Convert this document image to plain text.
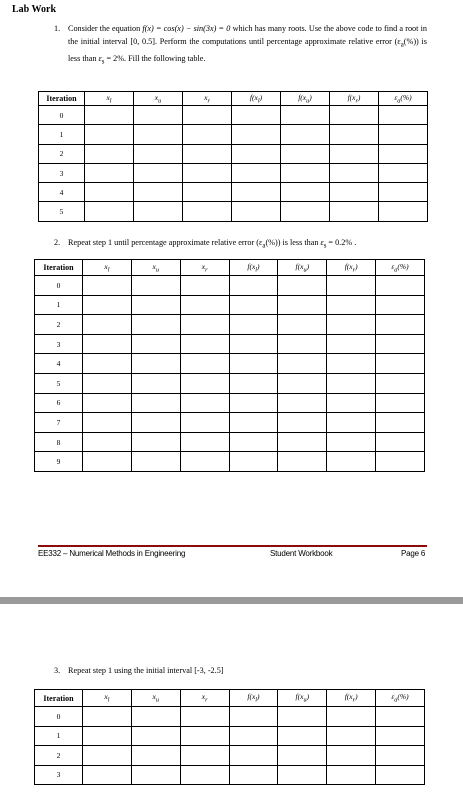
Lab Work
1. Consider the equation f(x) = cos(x) − sin(3x) = 0 which has many roots. Use the above code to find a root in the initial interval [0, 0.5]. Perform the computations until percentage approximate relative error $(\varepsilon_a(\%))$ is less than $\varepsilon_s = 2\%$. Fill the following table.
Iteration	$x_l$	$x_u$	$x_r$	$f(x_l)$	$f(x_u)$	$f(x_r)$	$\varepsilon_a(\%)$
0							
1							
2							
3							
4							
5							
2. Repeat step 1 until percentage approximate relative error $(\varepsilon_a(\%))$ is less than $\varepsilon_s = 0.2\%$ .
Iteration	$x_l$	$x_u$	$x_r$	$f(x_l)$	$f(x_u)$	$f(x_r)$	$\varepsilon_a(\%)$
0							
1							
2							
3							
4							
5							
6							
7							
8							
9							
EE332 – Numerical Methods in Engineering	Student Workbook	Page 6
3. Repeat step 1 using the initial interval [-3, -2.5]
Iteration	$x_l$	$x_u$	$x_r$	$f(x_l)$	$f(x_u)$	$f(x_r)$	$\varepsilon_a(\%)$
0							
1							
2							
3							
